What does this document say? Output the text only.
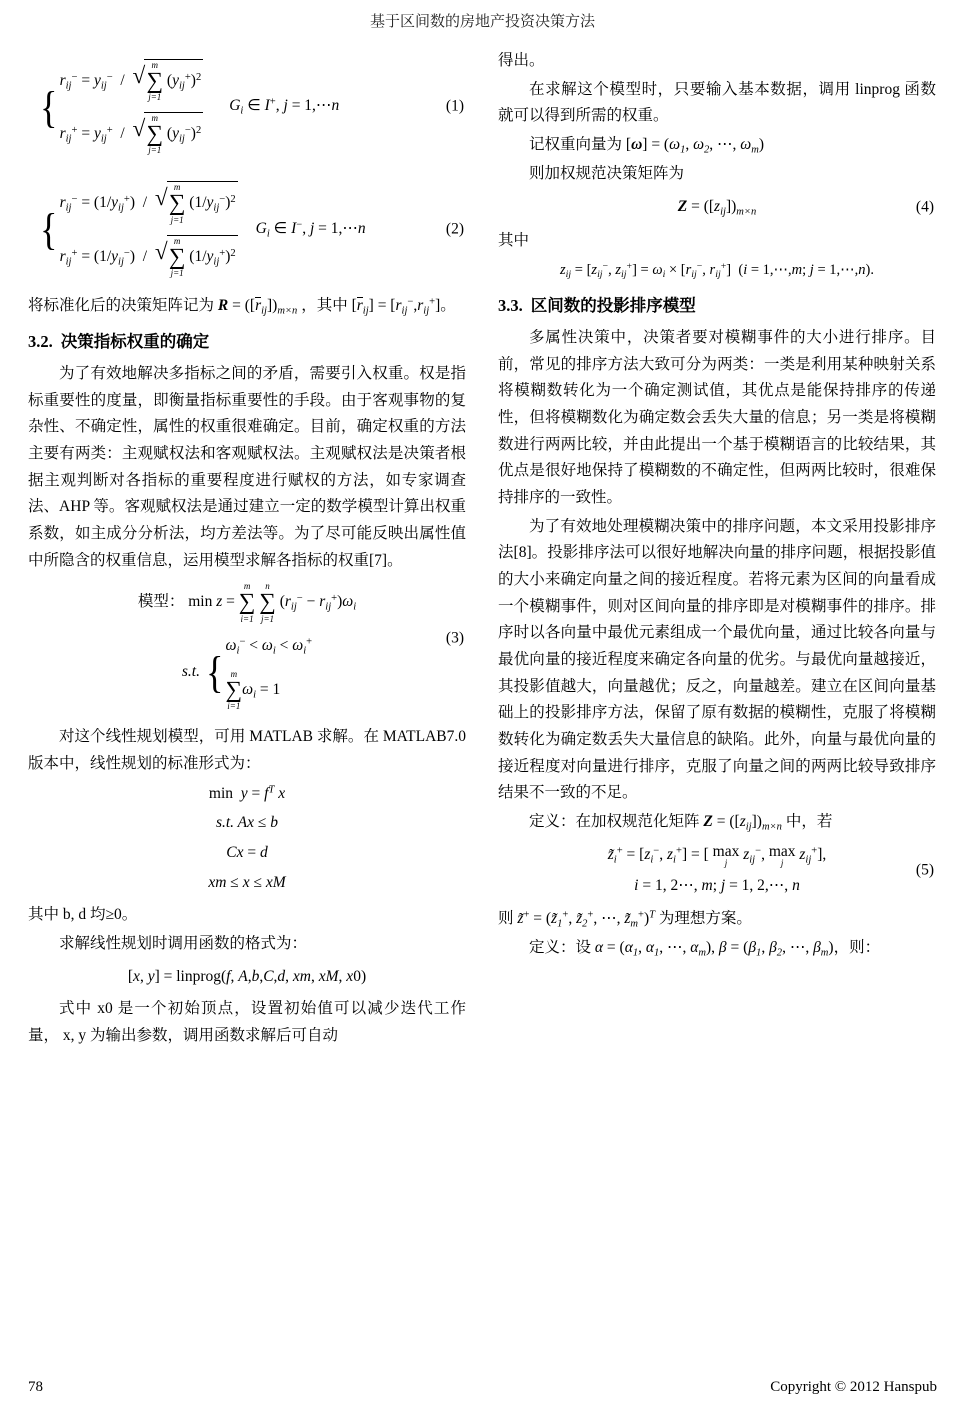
基于区间数的房地产投资决策方法
{
$r_{ij}^- = y_{ij}^-$  /
√ m
∑
j=1
$(y_{ij}^+)^2$
$r_{ij}^+ = y_{ij}^+$  /
√ m
∑
j=1
$(y_{ij}^-)^2$
$G_i$ ∈ I+, j = 1,⋯n	(1)
{
$r_{ij}^- = (1/y_{ij}^+)$  /
√ m
∑
j=1
$(1/y_{ij}^-)^2$
$r_{ij}^+ = (1/y_{ij}^-)$  /
√ m
∑
j=1
$(1/y_{ij}^+)^2$
$G_i$ ∈ I−, j = 1,⋯n	(2)

将标准化后的决策矩阵记为 $R = ([r_{ij}])_{m\times n}$ ，其中 $[r_{ij}] = [r_{ij}^-,r_{ij}^+]$。

3.2. 决策指标权重的确定

为了有效地解决多指标之间的矛盾，需要引入权重。权是指标重要性的度量，即衡量指标重要性的手段。由于客观事物的复杂性、不确定性，属性的权重很难确定。目前，确定权重的方法主要有两类：主观赋权法和客观赋权法。主观赋权法是决策者根据主观判断对各指标的重要程度进行赋权的方法，如专家调查法、AHP 等。客观赋权法是通过建立一定的数学模型计算出权重系数，如主成分分析法，均方差法等。为了尽可能反映出属性值中所隐含的权重信息，运用模型求解各指标的权重[7]。

模型： min z =
m
∑
i=1

n
∑
j=1
$(r_{ij}^- - r_{ij}^+)\omega_i$
s.t. {
$\omega_i^- < \omega_i < \omega_i^+$
m
∑
i=1
$\omega_i = 1$
(3)

对这个线性规划模型，可用 MATLAB 求解。在 MATLAB7.0 版本中，线性规划的标准形式为：

$\min y = f^T$ x
s.t. Ax ≤ b
Cx = d
xm ≤ x ≤ xM

其中 b, d 均≥0。

求解线性规划时调用函数的格式为：

[x, y] = linprog(f, A,b,C,d, xm, xM, x0)

式中 x0 是一个初始顶点，设置初始值可以减少迭代工作量， x, y 为输出参数，调用函数求解后可自动

得出。

在求解这个模型时，只要输入基本数据，调用 linprog 函数就可以得到所需的权重。

记权重向量为 $[\omega] = (\omega_1$, $\omega_2$, ⋯, $\omega_m$)

则加权规范决策矩阵为

$Z = ([z_{ij}])_{m\times n}$	(4)

其中

$z_{ij} = [z_{ij}^-$, $z_{ij}^+] = \omega_i \times [r_{ij}^-$, $r_{ij}^+$]  (i = 1,⋯,m; j = 1,⋯,n).
3.3. 区间数的投影排序模型

多属性决策中，决策者要对模糊事件的大小进行排序。目前，常见的排序方法大致可分为两类：一类是利用某种映射关系将模糊数转化为一个确定测试值，其优点是能保持排序的传递性，但将模糊数化为确定数会丢失大量的信息；另一类是将模糊数进行两两比较，并由此提出一个基于模糊语言的比较结果，其优点是很好地保持了模糊数的不确定性，但两两比较时，很难保持排序的一致性。

为了有效地处理模糊决策中的排序问题，本文采用投影排序法[8]。投影排序法可以很好地解决向量的排序问题，根据投影值的大小来确定向量之间的接近程度。若将元素为区间的向量看成一个模糊事件，则对区间向量的排序即是对模糊事件的排序。排序时以各向量中最优元素组成一个最优向量，通过比较各向量与最优向量的接近程度来确定各向量的优劣。与最优向量越接近，其投影值越大，向量越优；反之，向量越差。建立在区间向量基础上的投影排序方法，保留了原有数据的模糊性，克服了将模糊数转化为确定数丢失大量信息的缺陷。此外，向量与最优向量的接近程度对向量进行排序，克服了向量之间的两两比较导致排序结果不一致的不足。

定义：在加权规范化矩阵 $Z = ([z_{ij}])_{m\times n}$ 中，若

$z̃_i^+ = [z_i^-$, $z_i^+$] = [ max
j	$z_{ij}^-$, max
j	$z_{ij}^+$],
i = 1, 2⋯, m; j = 1, 2,⋯, n
(5)

则 z̃+ = ($z̃_1^+$, $z̃_2^+$, ⋯, $z̃_m^+)^T$ 为理想方案。

定义：设 $\alpha = (\alpha_1$, $\alpha_1$, ⋯, $\alpha_m$), $\beta = (\beta_1$, $\beta_2$, ⋯, $\beta_m$)，则：

78	Copyright © 2012 Hanspub
